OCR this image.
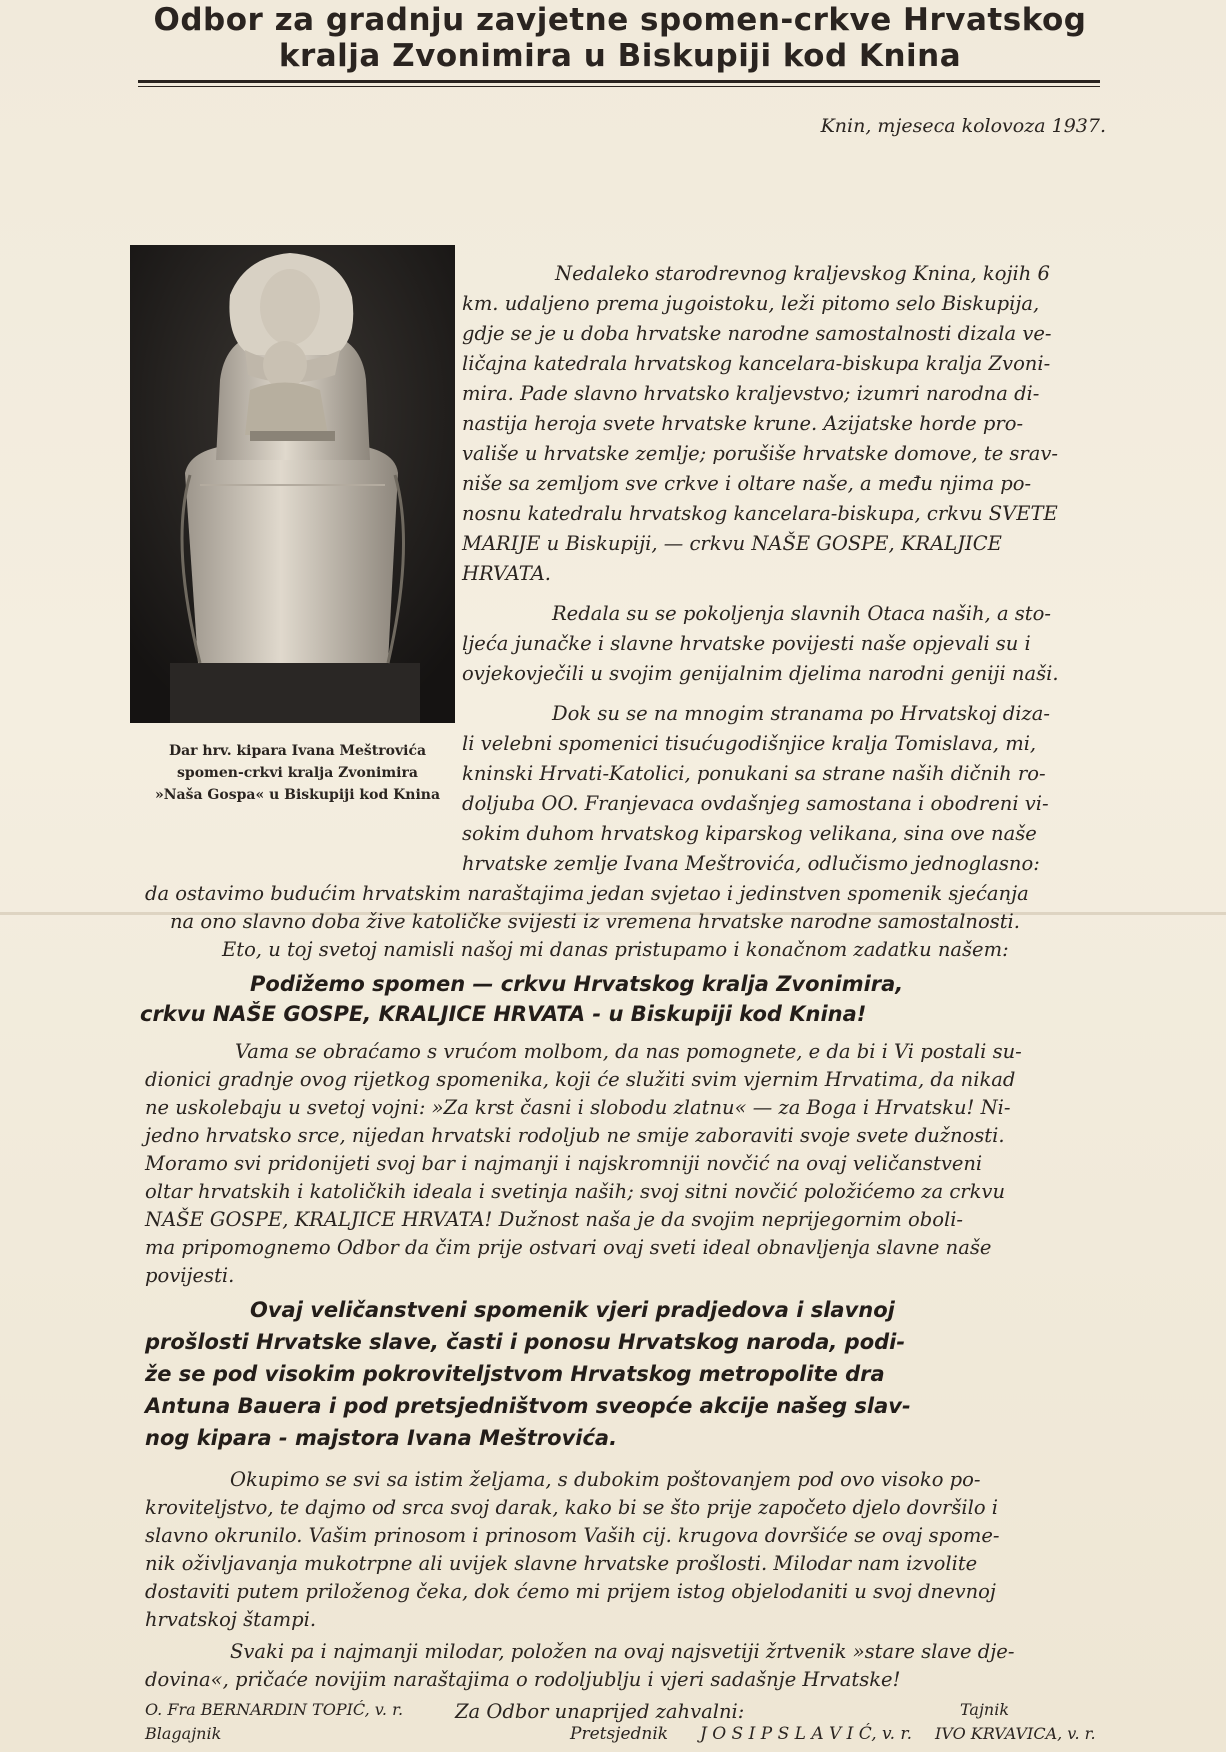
Odbor za gradnju zavjetne spomen-crkve Hrvatskog
kralja Zvonimira u Biskupiji kod Knina
Knin, mjeseca kolovoza 1937.
Dar hrv. kipara Ivana Meštrovića
spomen-crkvi kralja Zvonimira
»Naša Gospa« u Biskupiji kod Knina
Nedaleko starodrevnog kraljevskog Knina, kojih 6
km. udaljeno prema jugoistoku, leži pitomo selo Biskupija,
gdje se je u doba hrvatske narodne samostalnosti dizala ve-
ličajna katedrala hrvatskog kancelara-biskupa kralja Zvoni-
mira. Pade slavno hrvatsko kraljevstvo; izumri narodna di-
nastija heroja svete hrvatske krune. Azijatske horde pro-
vališe u hrvatske zemlje; porušiše hrvatske domove, te srav-
niše sa zemljom sve crkve i oltare naše, a među njima po-
nosnu katedralu hrvatskog kancelara-biskupa, crkvu SVETE
MARIJE u Biskupiji, — crkvu NAŠE GOSPE, KRALJICE
HRVATA.
Redala su se pokoljenja slavnih Otaca naših, a sto-
ljeća junačke i slavne hrvatske povijesti naše opjevali su i
ovjekovječili u svojim genijalnim djelima narodni geniji naši.
Dok su se na mnogim stranama po Hrvatskoj diza-
li velebni spomenici tisućugodišnjice kralja Tomislava, mi,
kninski Hrvati-Katolici, ponukani sa strane naših dičnih ro-
doljuba OO. Franjevaca ovdašnjeg samostana i obodreni vi-
sokim duhom hrvatskog kiparskog velikana, sina ove naše
hrvatske zemlje Ivana Meštrovića, odlučismo jednoglasno:
da ostavimo budućim hrvatskim naraštajima jedan svjetao i jedinstven spomenik sjećanja
na ono slavno doba žive katoličke svijesti iz vremena hrvatske narodne samostalnosti.
Eto, u toj svetoj namisli našoj mi danas pristupamo i konačnom zadatku našem:
Podižemo spomen — crkvu Hrvatskog kralja Zvonimira,
crkvu NAŠE GOSPE, KRALJICE HRVATA - u Biskupiji kod Knina!
Vama se obraćamo s vrućom molbom, da nas pomognete, e da bi i Vi postali su-
dionici gradnje ovog rijetkog spomenika, koji će služiti svim vjernim Hrvatima, da nikad
ne uskolebaju u svetoj vojni: »Za krst časni i slobodu zlatnu« — za Boga i Hrvatsku! Ni-
jedno hrvatsko srce, nijedan hrvatski rodoljub ne smije zaboraviti svoje svete dužnosti.
Moramo svi pridonijeti svoj bar i najmanji i najskromniji novčić na ovaj veličanstveni
oltar hrvatskih i katoličkih ideala i svetinja naših; svoj sitni novčić položićemo za crkvu
NAŠE GOSPE, KRALJICE HRVATA! Dužnost naša je da svojim neprijegornim oboli-
ma pripomognemo Odbor da čim prije ostvari ovaj sveti ideal obnavljenja slavne naše
povijesti.
Ovaj veličanstveni spomenik vjeri pradjedova i slavnoj
prošlosti Hrvatske slave, časti i ponosu Hrvatskog naroda, podi-
že se pod visokim pokroviteljstvom Hrvatskog metropolite dra
Antuna Bauera i pod pretsjedništvom sveopće akcije našeg slav-
nog kipara - majstora Ivana Meštrovića.
Okupimo se svi sa istim željama, s dubokim poštovanjem pod ovo visoko po-
kroviteljstvo, te dajmo od srca svoj darak, kako bi se što prije započeto djelo dovršilo i
slavno okrunilo. Vašim prinosom i prinosom Vaših cij. krugova dovršiće se ovaj spome-
nik oživljavanja mukotrpne ali uvijek slavne hrvatske prošlosti. Milodar nam izvolite
dostaviti putem priloženog čeka, dok ćemo mi prijem istog objelodaniti u svoj dnevnoj
hrvatskoj štampi.
Svaki pa i najmanji milodar, položen na ovaj najsvetiji žrtvenik »stare slave dje-
dovina«, pričaće novijim naraštajima o rodoljublju i vjeri sadašnje Hrvatske!
Za Odbor unaprijed zahvalni:
Pretsjednik J O S I P S L A V I Ć, v. r.
Blagajnik
O. Fra BERNARDIN TOPIĆ, v. r.	Tajnik
IVO KRVAVICA, v. r.
